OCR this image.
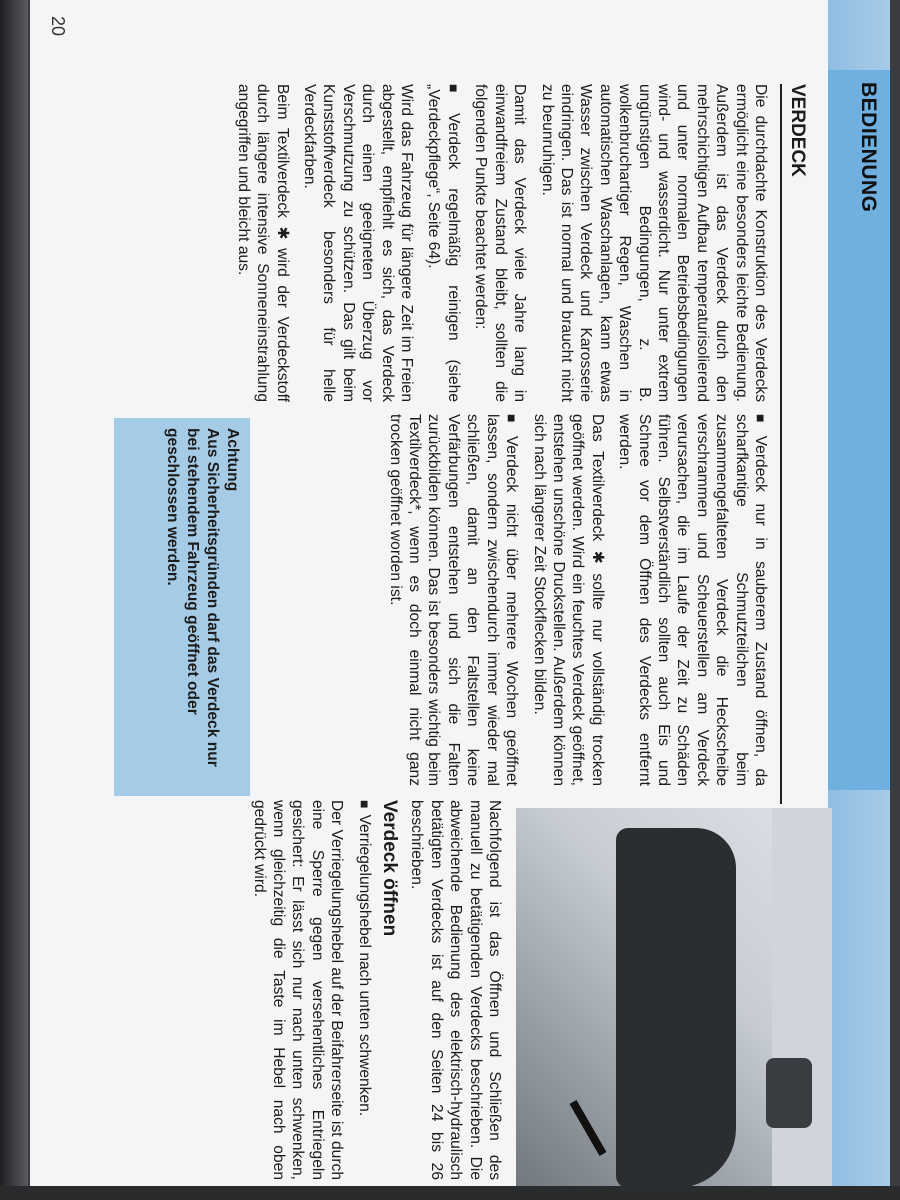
BEDIENUNG
VERDECK

Die durchdachte Konstruktion des Verdecks ermöglicht eine besonders leichte Bedienung. Außerdem ist das Verdeck durch den mehrschichtigen Aufbau temperaturisolierend und unter normalen Betriebsbedingungen wind- und wasserdicht. Nur unter extrem ungünstigen Bedingungen, z. B. wolkenbruchartiger Regen, Waschen in automatischen Waschanlagen, kann etwas Wasser zwischen Verdeck und Karosserie eindringen. Das ist normal und braucht nicht zu beunruhigen.

Damit das Verdeck viele Jahre lang in einwandfreiem Zustand bleibt, sollten die folgenden Punkte beachtet werden:

■ Verdeck regelmäßig reinigen (siehe „Verdeckpflege“, Seite 64).

Wird das Fahrzeug für längere Zeit im Freien abgestellt, empfiehlt es sich, das Verdeck durch einen geeigneten Überzug vor Verschmutzung zu schützen. Das gilt beim Kunststoffverdeck besonders für helle Verdeckfarben.

Beim Textilverdeck ✱ wird der Verdeckstoff durch längere intensive Sonneneinstrahlung angegriffen und bleicht aus.

■ Verdeck nur in sauberem Zustand öffnen, da scharfkantige Schmutzteilchen beim zusammengefalteten Verdeck die Heckscheibe verschrammen und Scheuerstellen am Verdeck verursachen, die im Laufe der Zeit zu Schäden führen. Selbstverständlich sollten auch Eis und Schnee vor dem Öffnen des Verdecks entfernt werden.

Das Textilverdeck ✱ sollte nur vollständig trocken geöffnet werden. Wird ein feuchtes Verdeck geöffnet, entstehen unschöne Druckstellen. Außerdem können sich nach längerer Zeit Stockflecken bilden.

■ Verdeck nicht über mehrere Wochen geöffnet lassen, sondern zwischendurch immer wieder mal schließen, damit an den Faltstellen keine Verfärbungen entstehen und sich die Falten zurückbilden können. Das ist besonders wichtig beim Textilverdeck*, wenn es doch einmal nicht ganz trocken geöffnet worden ist.

Achtung
Aus Sicherheitsgründen darf das Verdeck nur bei stehendem Fahrzeug geöffnet oder geschlossen werden.

Nachfolgend ist das Öffnen und Schließen des manuell zu betätigenden Verdecks beschrieben. Die abweichende Bedienung des elektrisch-hydraulisch betätigten Verdecks ist auf den Seiten 24 bis 26 beschrieben.

Verdeck öffnen

■ Verriegelungshebel nach unten schwenken.

Der Verriegelungshebel auf der Beifahrerseite ist durch eine Sperre gegen versehentliches Entriegeln gesichert: Er lässt sich nur nach unten schwenken, wenn gleichzeitig die Taste im Hebel nach oben gedrückt wird.

20
